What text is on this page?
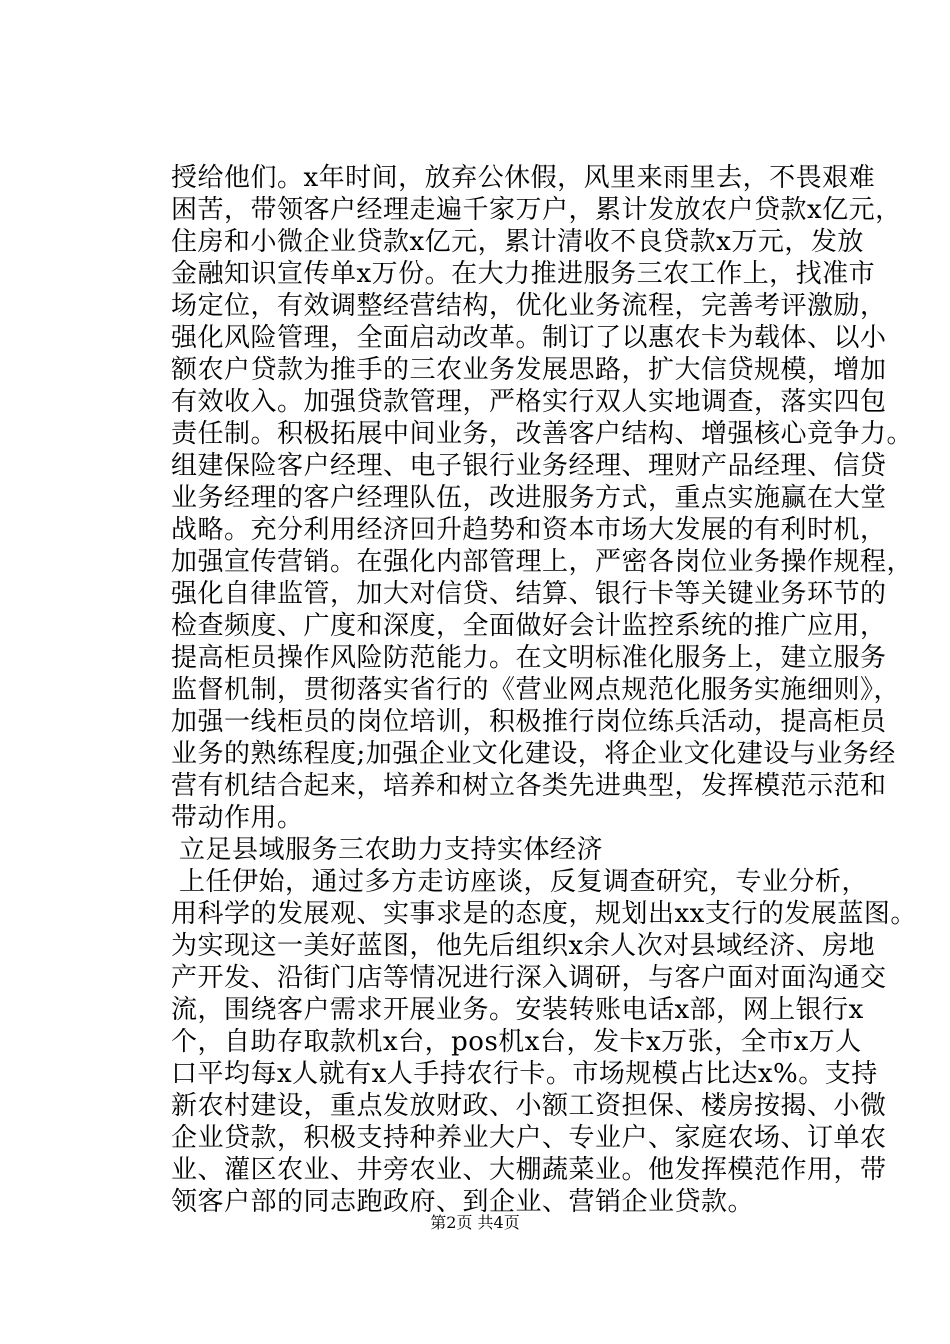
授给他们。x年时间，放弃公休假，风里来雨里去，不畏艰难
困苦，带领客户经理走遍千家万户，累计发放农户贷款x亿元，
住房和小微企业贷款x亿元，累计清收不良贷款x万元，发放
金融知识宣传单x万份。在大力推进服务三农工作上，找准市
场定位，有效调整经营结构，优化业务流程，完善考评激励，
强化风险管理，全面启动改革。制订了以惠农卡为载体、以小
额农户贷款为推手的三农业务发展思路，扩大信贷规模，增加
有效收入。加强贷款管理，严格实行双人实地调查，落实四包
责任制。积极拓展中间业务，改善客户结构、增强核心竞争力。
组建保险客户经理、电子银行业务经理、理财产品经理、信贷
业务经理的客户经理队伍，改进服务方式，重点实施赢在大堂
战略。充分利用经济回升趋势和资本市场大发展的有利时机，
加强宣传营销。在强化内部管理上，严密各岗位业务操作规程，
强化自律监管，加大对信贷、结算、银行卡等关键业务环节的
检查频度、广度和深度，全面做好会计监控系统的推广应用，
提高柜员操作风险防范能力。在文明标准化服务上，建立服务
监督机制，贯彻落实省行的《营业网点规范化服务实施细则》，
加强一线柜员的岗位培训，积极推行岗位练兵活动，提高柜员
业务的熟练程度;加强企业文化建设，将企业文化建设与业务经
营有机结合起来，培养和树立各类先进典型，发挥模范示范和
带动作用。
立足县域服务三农助力支持实体经济
上任伊始，通过多方走访座谈，反复调查研究，专业分析，
用科学的发展观、实事求是的态度，规划出xx支行的发展蓝图。
为实现这一美好蓝图，他先后组织x余人次对县域经济、房地
产开发、沿街门店等情况进行深入调研，与客户面对面沟通交
流，围绕客户需求开展业务。安装转账电话x部，网上银行x
个，自助存取款机x台，pos机x台，发卡x万张，全市x万人
口平均每x人就有x人手持农行卡。市场规模占比达x%。支持
新农村建设，重点发放财政、小额工资担保、楼房按揭、小微
企业贷款，积极支持种养业大户、专业户、家庭农场、订单农
业、灌区农业、井旁农业、大棚蔬菜业。他发挥模范作用，带
领客户部的同志跑政府、到企业、营销企业贷款。
第2页 共4页
